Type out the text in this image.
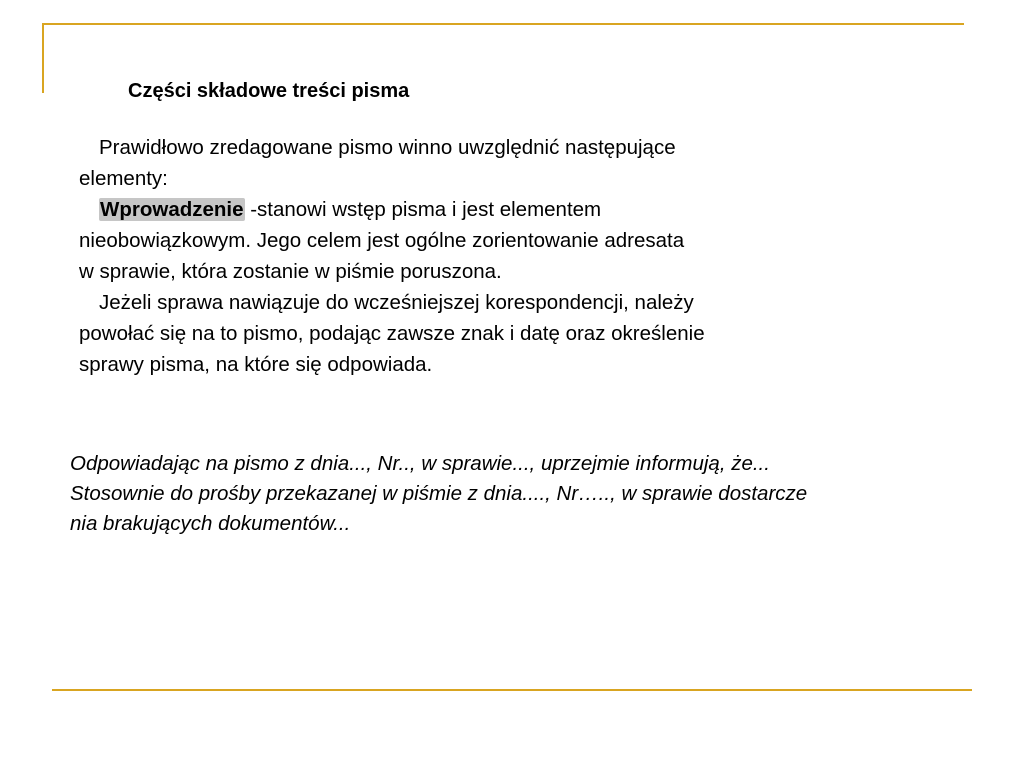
Części składowe treści pisma
Prawidłowo zredagowane pismo winno uwzględnić następujące
elementy:
Wprowadzenie -stanowi wstęp pisma i jest elementem
nieobowiązkowym. Jego celem jest ogólne zorientowanie adresata
w sprawie, która zostanie w piśmie poruszona.
Jeżeli sprawa nawiązuje do wcześniejszej korespondencji, należy
powołać się na to pismo, podając zawsze znak i datę oraz określenie
sprawy pisma, na które się odpowiada.
Odpowiadając na pismo z dnia..., Nr.., w sprawie..., uprzejmie informują, że...
Stosownie do prośby przekazanej w piśmie z dnia...., Nr….., w sprawie dostarcze
nia brakujących dokumentów...
